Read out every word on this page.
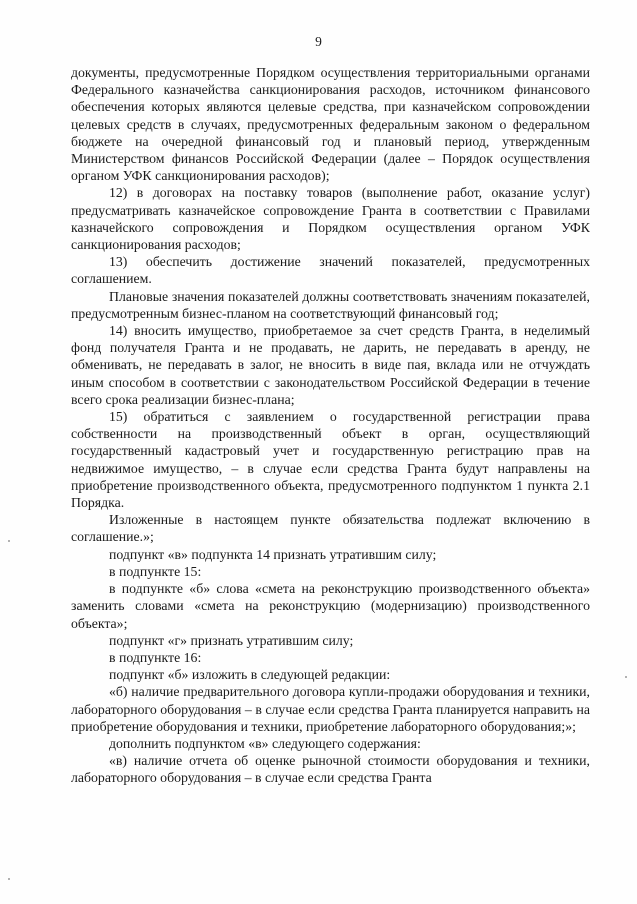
9

документы, предусмотренные Порядком осуществления территориальными органами Федерального казначейства санкционирования расходов, источником финансового обеспечения которых являются целевые средства, при казначейском сопровождении целевых средств в случаях, предусмотренных федеральным законом о федеральном бюджете на очередной финансовый год и плановый период, утвержденным Министерством финансов Российской Федерации (далее – Порядок осуществления органом УФК санкционирования расходов);

12) в договорах на поставку товаров (выполнение работ, оказание услуг) предусматривать казначейское сопровождение Гранта в соответствии с Правилами казначейского сопровождения и Порядком осуществления органом УФК санкционирования расходов;

13) обеспечить достижение значений показателей, предусмотренных соглашением.

Плановые значения показателей должны соответствовать значениям показателей, предусмотренным бизнес-планом на соответствующий финансовый год;

14) вносить имущество, приобретаемое за счет средств Гранта, в неделимый фонд получателя Гранта и не продавать, не дарить, не передавать в аренду, не обменивать, не передавать в залог, не вносить в виде пая, вклада или не отчуждать иным способом в соответствии с законодательством Российской Федерации в течение всего срока реализации бизнес-плана;

15) обратиться с заявлением о государственной регистрации права собственности на производственный объект в орган, осуществляющий государственный кадастровый учет и государственную регистрацию прав на недвижимое имущество, – в случае если средства Гранта будут направлены на приобретение производственного объекта, предусмотренного подпунктом 1 пункта 2.1 Порядка.

Изложенные в настоящем пункте обязательства подлежат включению в соглашение.»;

подпункт «в» подпункта 14 признать утратившим силу;

в подпункте 15:

в подпункте «б» слова «смета на реконструкцию производственного объекта» заменить словами «смета на реконструкцию (модернизацию) производственного объекта»;

подпункт «г» признать утратившим силу;

в подпункте 16:

подпункт «б» изложить в следующей редакции:

«б) наличие предварительного договора купли-продажи оборудования и техники, лабораторного оборудования – в случае если средства Гранта планируется направить на приобретение оборудования и техники, приобретение лабораторного оборудования;»;

дополнить подпунктом «в» следующего содержания:

«в) наличие отчета об оценке рыночной стоимости оборудования и техники, лабораторного оборудования – в случае если средства Гранта
